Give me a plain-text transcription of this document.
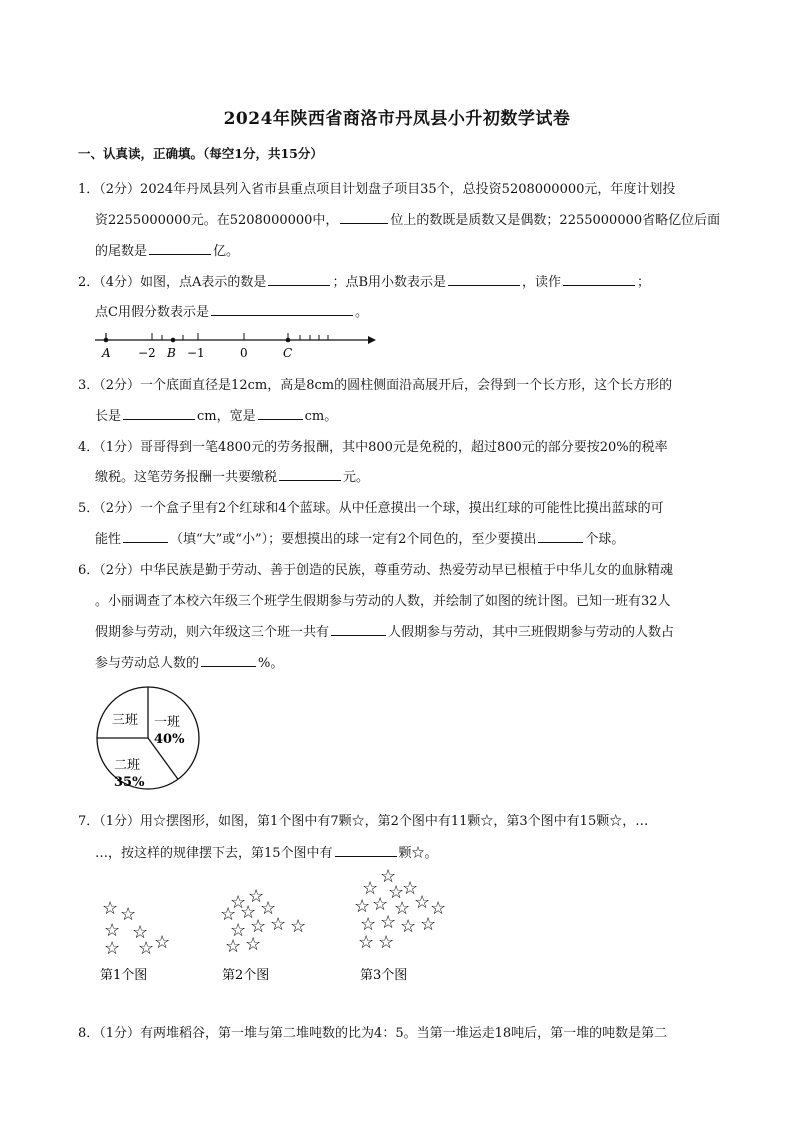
2024年陕西省商洛市丹凤县小升初数学试卷
一、认真读，正确填。（每空1分，共15分）
1．（2分）2024年丹凤县列入省市县重点项目计划盘子项目35个，总投资5208000000元，年度计划投
资2255000000元。在5208000000中，	位上的数既是质数又是偶数；2255000000省略亿位后面
的尾数是	亿。
2．（4分）如图，点A表示的数是	；点B用小数表示是	，读作	；
点C用假分数表示是	。
A −2 B −1	0	C
3．（2分）一个底面直径是12cm，高是8cm的圆柱侧面沿高展开后，会得到一个长方形，这个长方形的
长是	cm，宽是	cm。
4．（1分）哥哥得到一笔4800元的劳务报酬，其中800元是免税的，超过800元的部分要按20%的税率
缴税。这笔劳务报酬一共要缴税	元。
5．（2分）一个盒子里有2个红球和4个蓝球。从中任意摸出一个球，摸出红球的可能性比摸出蓝球的可
能性	（填“大”或“小”）；要想摸出的球一定有2个同色的，至少要摸出	个球。
6．（2分）中华民族是勤于劳动、善于创造的民族，尊重劳动、热爱劳动早已根植于中华儿女的血脉精魂
。小丽调查了本校六年级三个班学生假期参与劳动的人数，并绘制了如图的统计图。已知一班有32人
假期参与劳动，则六年级这三个班一共有	人假期参与劳动，其中三班假期参与劳动的人数占
参与劳动总人数的	%。
一班
40%
二班
35%
三班
7．（1分）用☆摆图形，如图，第1个图中有7颗☆，第2个图中有11颗☆，第3个图中有15颗☆，…
…，按这样的规律摆下去，第15个图中有	颗☆。
☆ ☆
☆ ☆
☆ ☆ ☆
☆ ☆
☆ ☆ ☆
☆ ☆ ☆ ☆
☆ ☆
☆
☆ ☆
☆
☆ ☆ ☆ ☆ ☆
☆ ☆ ☆ ☆
☆ ☆
第1个图	第2个图	第3个图
8．（1分）有两堆稻谷，第一堆与第二堆吨数的比为4：5。当第一堆运走18吨后，第一堆的吨数是第二
